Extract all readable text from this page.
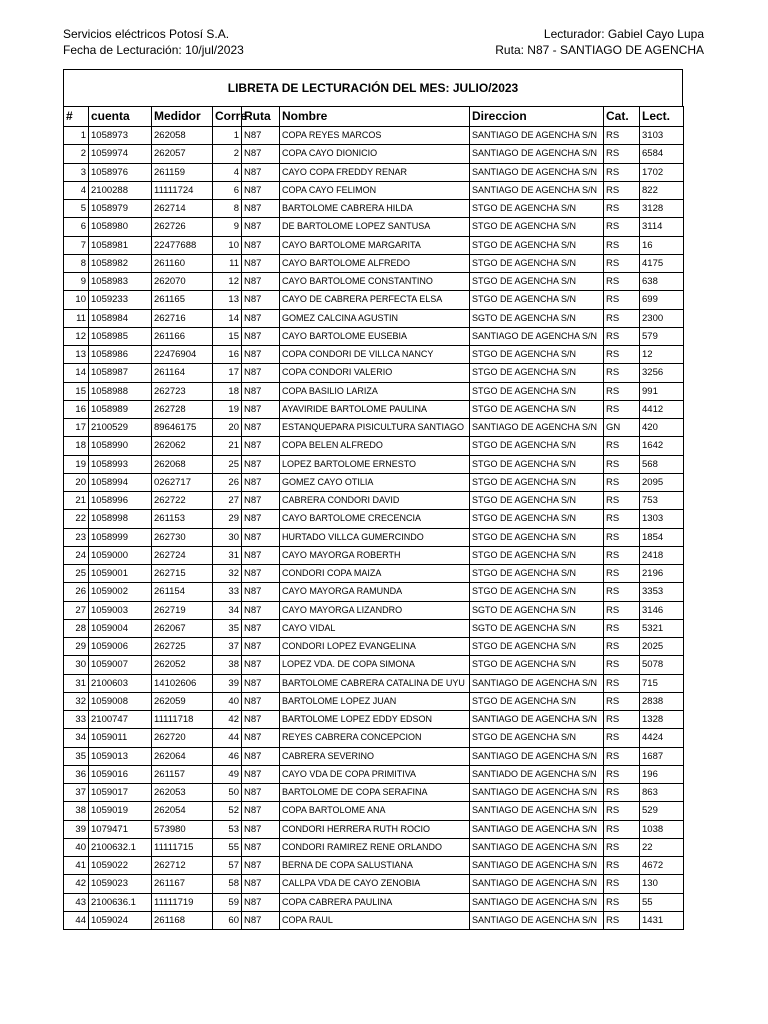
Servicios eléctricos Potosí S.A.
Fecha de Lecturación: 10/jul/2023
Lecturador: Gabiel Cayo Lupa
Ruta: N87 - SANTIAGO DE AGENCHA
LIBRETA DE LECTURACIÓN DEL MES: JULIO/2023
#	cuenta	Medidor	Corre	Ruta	Nombre	Direccion	Cat.	Lect.
1	1058973	262058	1	N87	COPA REYES MARCOS	SANTIAGO DE AGENCHA S/N	RS	3103
2	1059974	262057	2	N87	COPA CAYO DIONICIO	SANTIAGO DE AGENCHA S/N	RS	6584
3	1058976	261159	4	N87	CAYO COPA FREDDY RENAR	SANTIAGO DE AGENCHA S/N	RS	1702
4	2100288	11111724	6	N87	COPA CAYO FELIMON	SANTIAGO DE AGENCHA S/N	RS	822
5	1058979	262714	8	N87	BARTOLOME CABRERA HILDA	STGO DE AGENCHA S/N	RS	3128
6	1058980	262726	9	N87	DE BARTOLOME LOPEZ SANTUSA	STGO DE AGENCHA S/N	RS	3114
7	1058981	22477688	10	N87	CAYO BARTOLOME MARGARITA	STGO DE AGENCHA S/N	RS	16
8	1058982	261160	11	N87	CAYO BARTOLOME ALFREDO	STGO DE AGENCHA S/N	RS	4175
9	1058983	262070	12	N87	CAYO BARTOLOME CONSTANTINO	STGO DE AGENCHA S/N	RS	638
10	1059233	261165	13	N87	CAYO DE CABRERA PERFECTA ELSA	STGO DE AGENCHA S/N	RS	699
11	1058984	262716	14	N87	GOMEZ CALCINA AGUSTIN	SGTO DE AGENCHA S/N	RS	2300
12	1058985	261166	15	N87	CAYO BARTOLOME EUSEBIA	SANTIAGO DE AGENCHA S/N	RS	579
13	1058986	22476904	16	N87	COPA CONDORI DE VILLCA NANCY	STGO DE AGENCHA S/N	RS	12
14	1058987	261164	17	N87	COPA CONDORI VALERIO	STGO DE AGENCHA S/N	RS	3256
15	1058988	262723	18	N87	COPA BASILIO LARIZA	STGO DE AGENCHA S/N	RS	991
16	1058989	262728	19	N87	AYAVIRIDE BARTOLOME PAULINA	STGO DE AGENCHA S/N	RS	4412
17	2100529	89646175	20	N87	ESTANQUEPARA PISICULTURA SANTIAGO	SANTIAGO DE AGENCHA S/N	GN	420
18	1058990	262062	21	N87	COPA BELEN ALFREDO	STGO DE AGENCHA S/N	RS	1642
19	1058993	262068	25	N87	LOPEZ BARTOLOME ERNESTO	STGO DE AGENCHA S/N	RS	568
20	1058994	0262717	26	N87	GOMEZ CAYO OTILIA	STGO DE AGENCHA S/N	RS	2095
21	1058996	262722	27	N87	CABRERA CONDORI DAVID	STGO DE AGENCHA S/N	RS	753
22	1058998	261153	29	N87	CAYO BARTOLOME CRECENCIA	STGO DE AGENCHA S/N	RS	1303
23	1058999	262730	30	N87	HURTADO VILLCA GUMERCINDO	STGO DE AGENCHA S/N	RS	1854
24	1059000	262724	31	N87	CAYO MAYORGA ROBERTH	STGO DE AGENCHA S/N	RS	2418
25	1059001	262715	32	N87	CONDORI COPA MAIZA	STGO DE AGENCHA S/N	RS	2196
26	1059002	261154	33	N87	CAYO MAYORGA RAMUNDA	STGO DE AGENCHA S/N	RS	3353
27	1059003	262719	34	N87	CAYO MAYORGA LIZANDRO	SGTO DE AGENCHA S/N	RS	3146
28	1059004	262067	35	N87	CAYO VIDAL	SGTO DE AGENCHA S/N	RS	5321
29	1059006	262725	37	N87	CONDORI LOPEZ EVANGELINA	STGO DE AGENCHA S/N	RS	2025
30	1059007	262052	38	N87	LOPEZ VDA. DE COPA SIMONA	STGO DE AGENCHA S/N	RS	5078
31	2100603	14102606	39	N87	BARTOLOME CABRERA CATALINA DE UYU	SANTIAGO DE AGENCHA S/N	RS	715
32	1059008	262059	40	N87	BARTOLOME LOPEZ JUAN	STGO DE AGENCHA S/N	RS	2838
33	2100747	11111718	42	N87	BARTOLOME LOPEZ EDDY EDSON	SANTIAGO DE AGENCHA S/N	RS	1328
34	1059011	262720	44	N87	REYES CABRERA CONCEPCION	STGO DE AGENCHA S/N	RS	4424
35	1059013	262064	46	N87	CABRERA SEVERINO	SANTIAGO DE AGENCHA S/N	RS	1687
36	1059016	261157	49	N87	CAYO VDA DE COPA PRIMITIVA	SANTIADO DE AGENCHA S/N	RS	196
37	1059017	262053	50	N87	BARTOLOME DE COPA SERAFINA	SANTIAGO DE AGENCHA S/N	RS	863
38	1059019	262054	52	N87	COPA BARTOLOME ANA	SANTIAGO DE AGENCHA S/N	RS	529
39	1079471	573980	53	N87	CONDORI HERRERA RUTH ROCIO	SANTIAGO DE AGENCHA S/N	RS	1038
40	2100632.1	11111715	55	N87	CONDORI RAMIREZ RENE ORLANDO	SANTIAGO DE AGENCHA S/N	RS	22
41	1059022	262712	57	N87	BERNA DE COPA SALUSTIANA	SANTIAGO DE AGENCHA S/N	RS	4672
42	1059023	261167	58	N87	CALLPA VDA DE CAYO ZENOBIA	SANTIAGO DE AGENCHA S/N	RS	130
43	2100636.1	11111719	59	N87	COPA CABRERA PAULINA	SANTIAGO DE AGENCHA S/N	RS	55
44	1059024	261168	60	N87	COPA RAUL	SANTIAGO DE AGENCHA S/N	RS	1431
